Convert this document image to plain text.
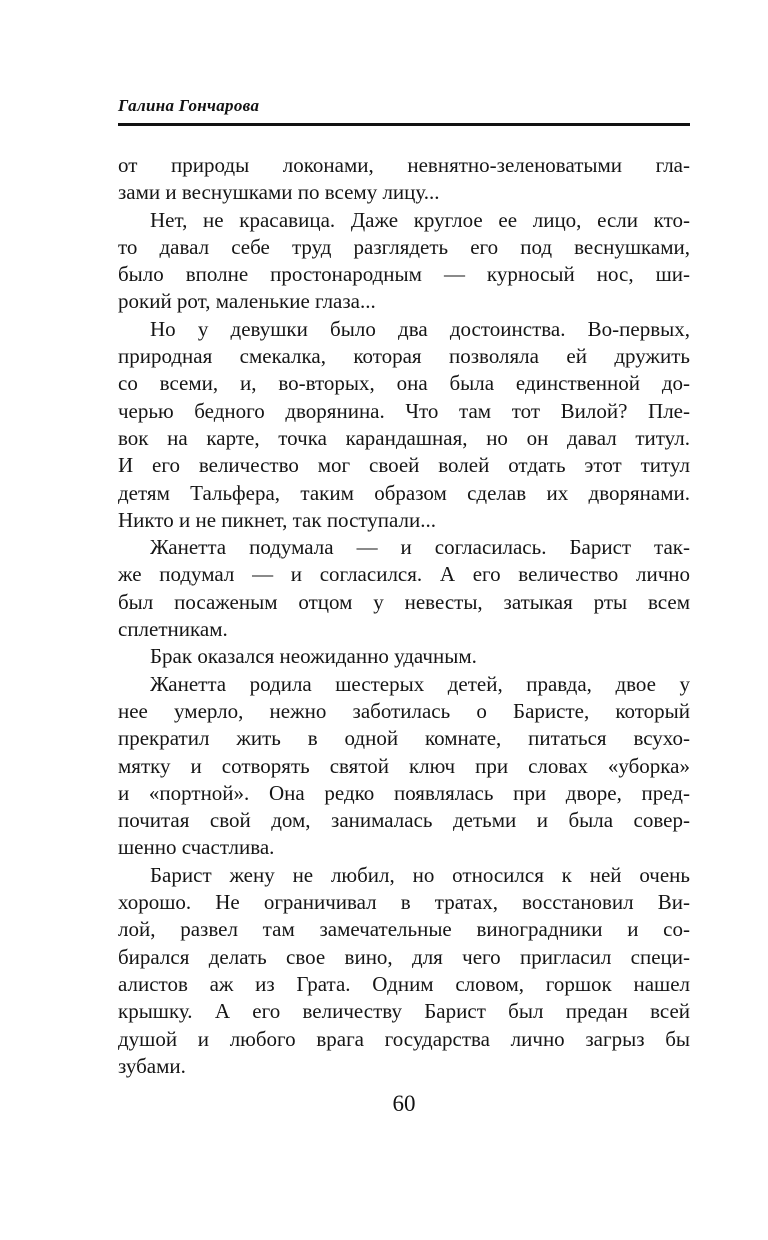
Галина Гончарова
от природы локонами, невнятно-зеленоватыми гла-
зами и веснушками по всему лицу...
Нет, не красавица. Даже круглое ее лицо, если кто-
то давал себе труд разглядеть его под веснушками,
было вполне простонародным — курносый нос, ши-
рокий рот, маленькие глаза...
Но у девушки было два достоинства. Во-первых,
природная смекалка, которая позволяла ей дружить
со всеми, и, во-вторых, она была единственной до-
черью бедного дворянина. Что там тот Вилой? Пле-
вок на карте, точка карандашная, но он давал титул.
И его величество мог своей волей отдать этот титул
детям Тальфера, таким образом сделав их дворянами.
Никто и не пикнет, так поступали...
Жанетта подумала — и согласилась. Барист так-
же подумал — и согласился. А его величество лично
был посаженым отцом у невесты, затыкая рты всем
сплетникам.
Брак оказался неожиданно удачным.
Жанетта родила шестерых детей, правда, двое у
нее умерло, нежно заботилась о Баристе, который
прекратил жить в одной комнате, питаться всухо-
мятку и сотворять святой ключ при словах «уборка»
и «портной». Она редко появлялась при дворе, пред-
почитая свой дом, занималась детьми и была совер-
шенно счастлива.
Барист жену не любил, но относился к ней очень
хорошо. Не ограничивал в тратах, восстановил Ви-
лой, развел там замечательные виноградники и со-
бирался делать свое вино, для чего пригласил специ-
алистов аж из Грата. Одним словом, горшок нашел
крышку. А его величеству Барист был предан всей
душой и любого врага государства лично загрыз бы
зубами.
60
